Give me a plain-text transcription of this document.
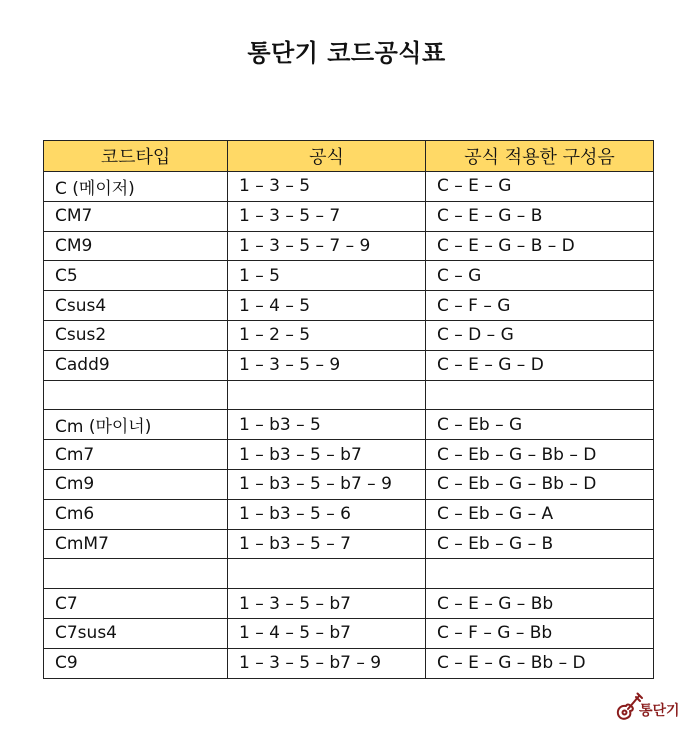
통단기 코드공식표
코드타입	공식	공식 적용한 구성음
C (메이저)	1 – 3 – 5	C – E – G
CM7	1 – 3 – 5 – 7	C – E – G – B
CM9	1 – 3 – 5 – 7 – 9	C – E – G – B – D
C5	1 – 5	C – G
Csus4	1 – 4 – 5	C – F – G
Csus2	1 – 2 – 5	C – D – G
Cadd9	1 – 3 – 5 – 9	C – E – G – D

Cm (마이너)	1 – b3 – 5	C – Eb – G
Cm7	1 – b3 – 5 – b7	C – Eb – G – Bb – D
Cm9	1 – b3 – 5 – b7 – 9	C – Eb – G – Bb – D
Cm6	1 – b3 – 5 – 6	C – Eb – G – A
CmM7	1 – b3 – 5 – 7	C – Eb – G – B

C7	1 – 3 – 5 – b7	C – E – G – Bb
C7sus4	1 – 4 – 5 – b7	C – F – G – Bb
C9	1 – 3 – 5 – b7 – 9	C – E – G – Bb – D
통단기
